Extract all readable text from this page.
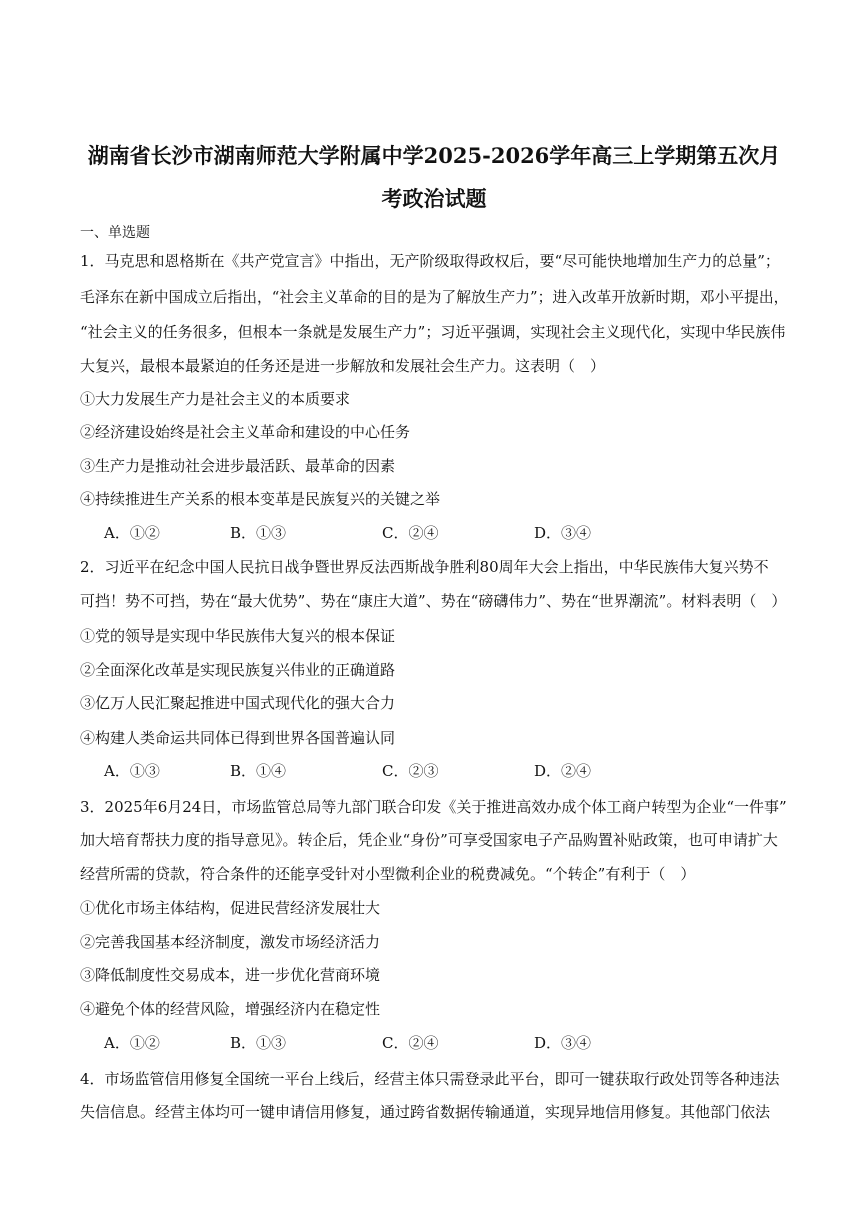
湖南省长沙市湖南师范大学附属中学2025-2026学年高三上学期第五次月
考政治试题
一、单选题
1．马克思和恩格斯在《共产党宣言》中指出，无产阶级取得政权后，要“尽可能快地增加生产力的总量”；
毛泽东在新中国成立后指出，“社会主义革命的目的是为了解放生产力”；进入改革开放新时期，邓小平提出，
“社会主义的任务很多，但根本一条就是发展生产力”；习近平强调，实现社会主义现代化，实现中华民族伟
大复兴，最根本最紧迫的任务还是进一步解放和发展社会生产力。这表明（　）
①大力发展生产力是社会主义的本质要求
②经济建设始终是社会主义革命和建设的中心任务
③生产力是推动社会进步最活跃、最革命的因素
④持续推进生产关系的根本变革是民族复兴的关键之举
A．①②	B．①③	C．②④	D．③④
2．习近平在纪念中国人民抗日战争暨世界反法西斯战争胜利80周年大会上指出，中华民族伟大复兴势不
可挡！势不可挡，势在“最大优势”、势在“康庄大道”、势在“磅礴伟力”、势在“世界潮流”。材料表明（　）
①党的领导是实现中华民族伟大复兴的根本保证
②全面深化改革是实现民族复兴伟业的正确道路
③亿万人民汇聚起推进中国式现代化的强大合力
④构建人类命运共同体已得到世界各国普遍认同
A．①③	B．①④	C．②③	D．②④
3．2025年6月24日，市场监管总局等九部门联合印发《关于推进高效办成个体工商户转型为企业“一件事”
加大培育帮扶力度的指导意见》。转企后，凭企业“身份”可享受国家电子产品购置补贴政策，也可申请扩大
经营所需的贷款，符合条件的还能享受针对小型微利企业的税费减免。“个转企”有利于（　）
①优化市场主体结构，促进民营经济发展壮大
②完善我国基本经济制度，激发市场经济活力
③降低制度性交易成本，进一步优化营商环境
④避免个体的经营风险，增强经济内在稳定性
A．①②	B．①③	C．②④	D．③④
4．市场监管信用修复全国统一平台上线后，经营主体只需登录此平台，即可一键获取行政处罚等各种违法
失信信息。经营主体均可一键申请信用修复，通过跨省数据传输通道，实现异地信用修复。其他部门依法
